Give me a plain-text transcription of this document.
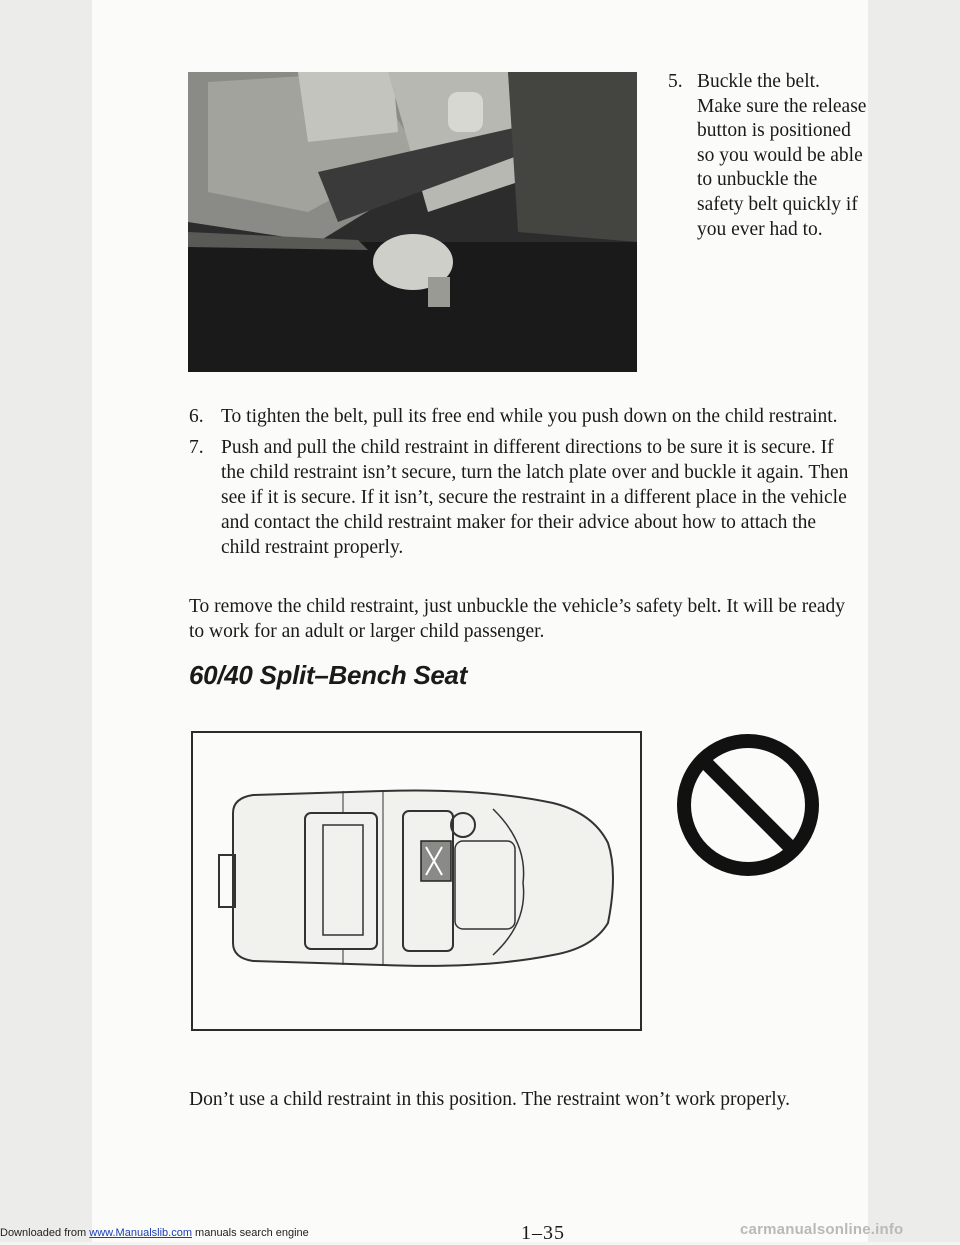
5. Buckle the belt. Make sure the release button is positioned so you would be able to unbuckle the safety belt quickly if you ever had to.
6. To tighten the belt, pull its free end while you push down on the child restraint.
7. Push and pull the child restraint in different directions to be sure it is secure. If the child restraint isn’t secure, turn the latch plate over and buckle it again. Then see if it is secure. If it isn’t, secure the restraint in a different place in the vehicle and contact the child restraint maker for their advice about how to attach the child restraint properly.
To remove the child restraint, just unbuckle the vehicle’s safety belt. It will be ready to work for an adult or larger child passenger.
60/40 Split–Bench Seat
Don’t use a child restraint in this position. The restraint won’t work properly.
1–35
Downloaded from www.Manualslib.com manuals search engine	carmanualsonline.info
